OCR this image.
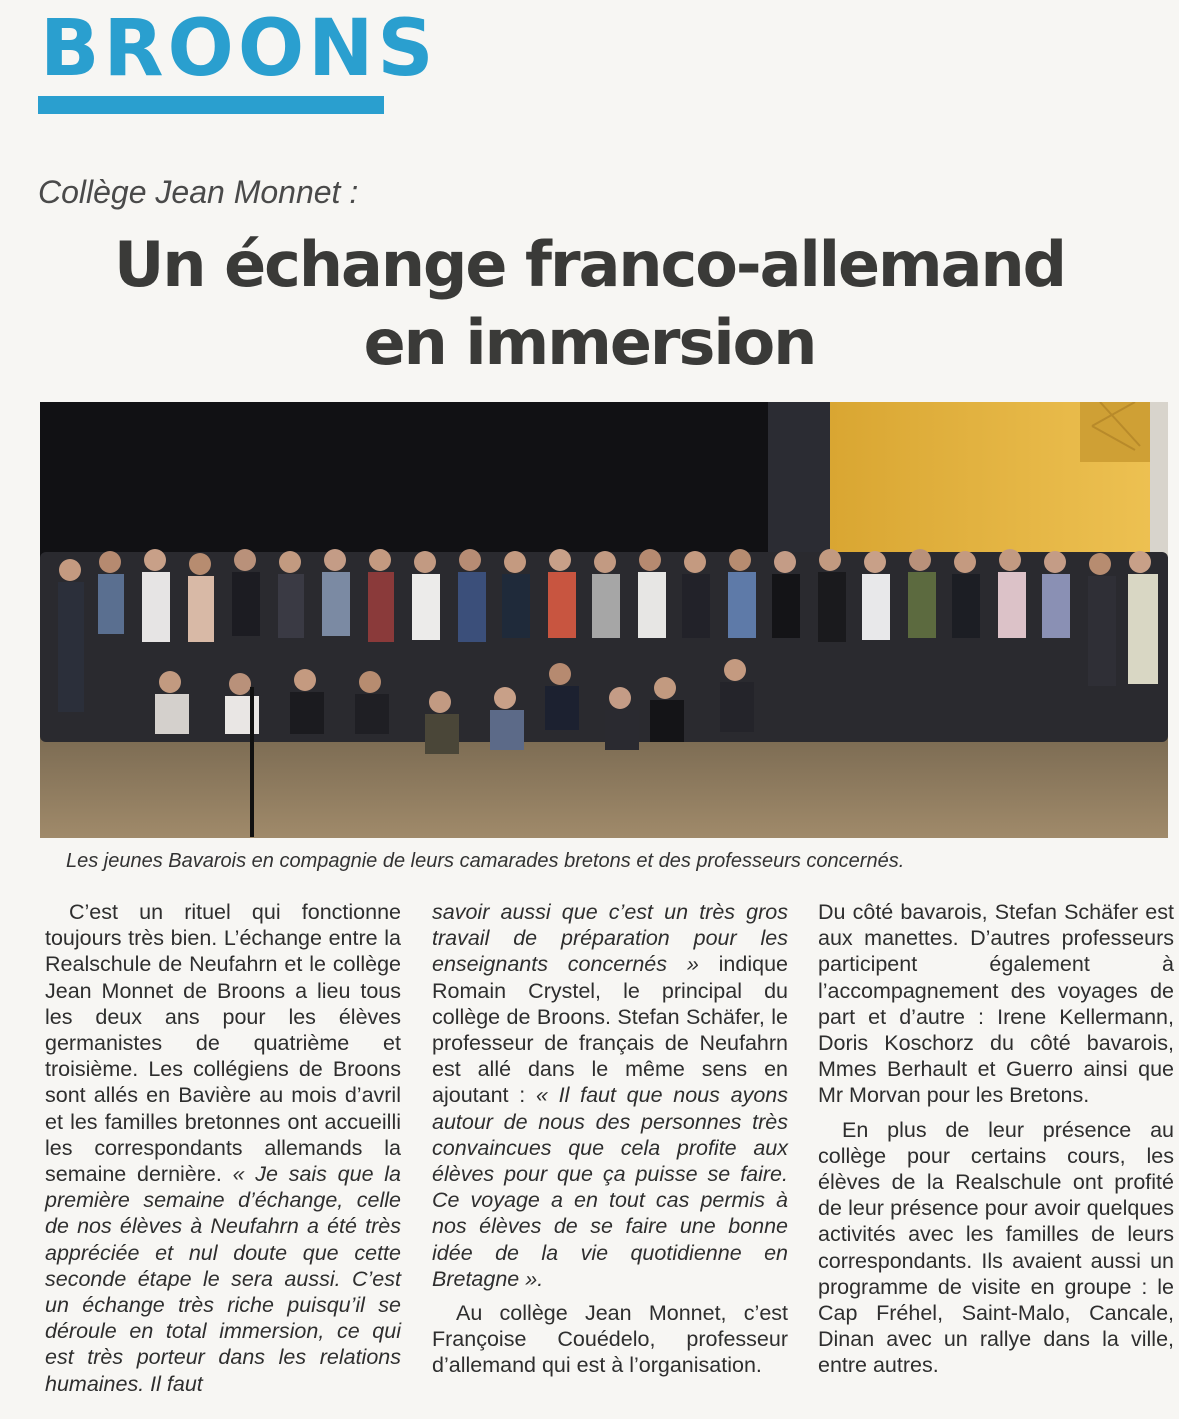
BROONS
Collège Jean Monnet :
Un échange franco-allemand
en immersion
Les jeunes Bavarois en compagnie de leurs camarades bretons et des professeurs concernés.

C’est un rituel qui fonctionne toujours très bien. L’échange entre la Realschule de Neufahrn et le collège Jean Monnet de Broons a lieu tous les deux ans pour les élèves germanistes de quatrième et troisième. Les collégiens de Broons sont allés en Bavière au mois d’avril et les familles bretonnes ont accueilli les correspondants allemands la semaine dernière. « Je sais que la première semaine d’échange, celle de nos élèves à Neufahrn a été très appréciée et nul doute que cette seconde étape le sera aussi. C’est un échange très riche puisqu’il se déroule en total immersion, ce qui est très porteur dans les relations humaines. Il faut

savoir aussi que c’est un très gros travail de préparation pour les enseignants concernés » indique Romain Crystel, le principal du collège de Broons. Stefan Schäfer, le professeur de français de Neufahrn est allé dans le même sens en ajoutant : « Il faut que nous ayons autour de nous des personnes très convaincues que cela profite aux élèves pour que ça puisse se faire. Ce voyage a en tout cas permis à nos élèves de se faire une bonne idée de la vie quotidienne en Bretagne ».

Au collège Jean Monnet, c’est Françoise Couédelo, professeur d’allemand qui est à l’organisation.

Du côté bavarois, Stefan Schäfer est aux manettes. D’autres professeurs participent également à l’accompagnement des voyages de part et d’autre : Irene Kellermann, Doris Koschorz du côté bavarois, Mmes Berhault et Guerro ainsi que Mr Morvan pour les Bretons.

En plus de leur présence au collège pour certains cours, les élèves de la Realschule ont profité de leur présence pour avoir quelques activités avec les familles de leurs correspondants. Ils avaient aussi un programme de visite en groupe : le Cap Fréhel, Saint-Malo, Cancale, Dinan avec un rallye dans la ville, entre autres.
